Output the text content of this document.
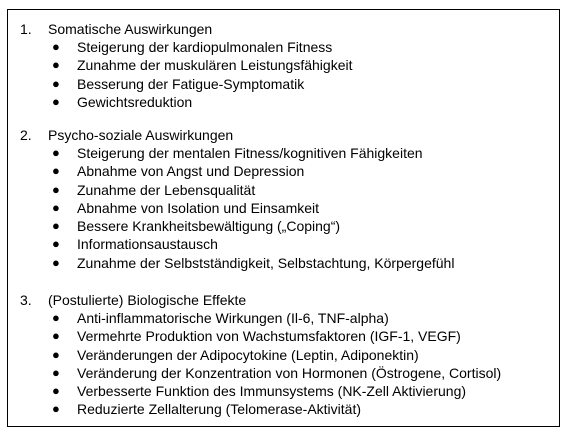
1. Somatische Auswirkungen
● Steigerung der kardiopulmonalen Fitness
● Zunahme der muskulären Leistungsfähigkeit
● Besserung der Fatigue-Symptomatik
● Gewichtsreduktion
2. Psycho-soziale Auswirkungen
● Steigerung der mentalen Fitness/kognitiven Fähigkeiten
● Abnahme von Angst und Depression
● Zunahme der Lebensqualität
● Abnahme von Isolation und Einsamkeit
● Bessere Krankheitsbewältigung („Coping“)
● Informationsaustausch
● Zunahme der Selbstständigkeit, Selbstachtung, Körpergefühl
3. (Postulierte) Biologische Effekte
● Anti-inflammatorische Wirkungen (Il-6, TNF-alpha)
● Vermehrte Produktion von Wachstumsfaktoren (IGF-1, VEGF)
● Veränderungen der Adipocytokine (Leptin, Adiponektin)
● Veränderung der Konzentration von Hormonen (Östrogene, Cortisol)
● Verbesserte Funktion des Immunsystems (NK-Zell Aktivierung)
● Reduzierte Zellalterung (Telomerase-Aktivität)
